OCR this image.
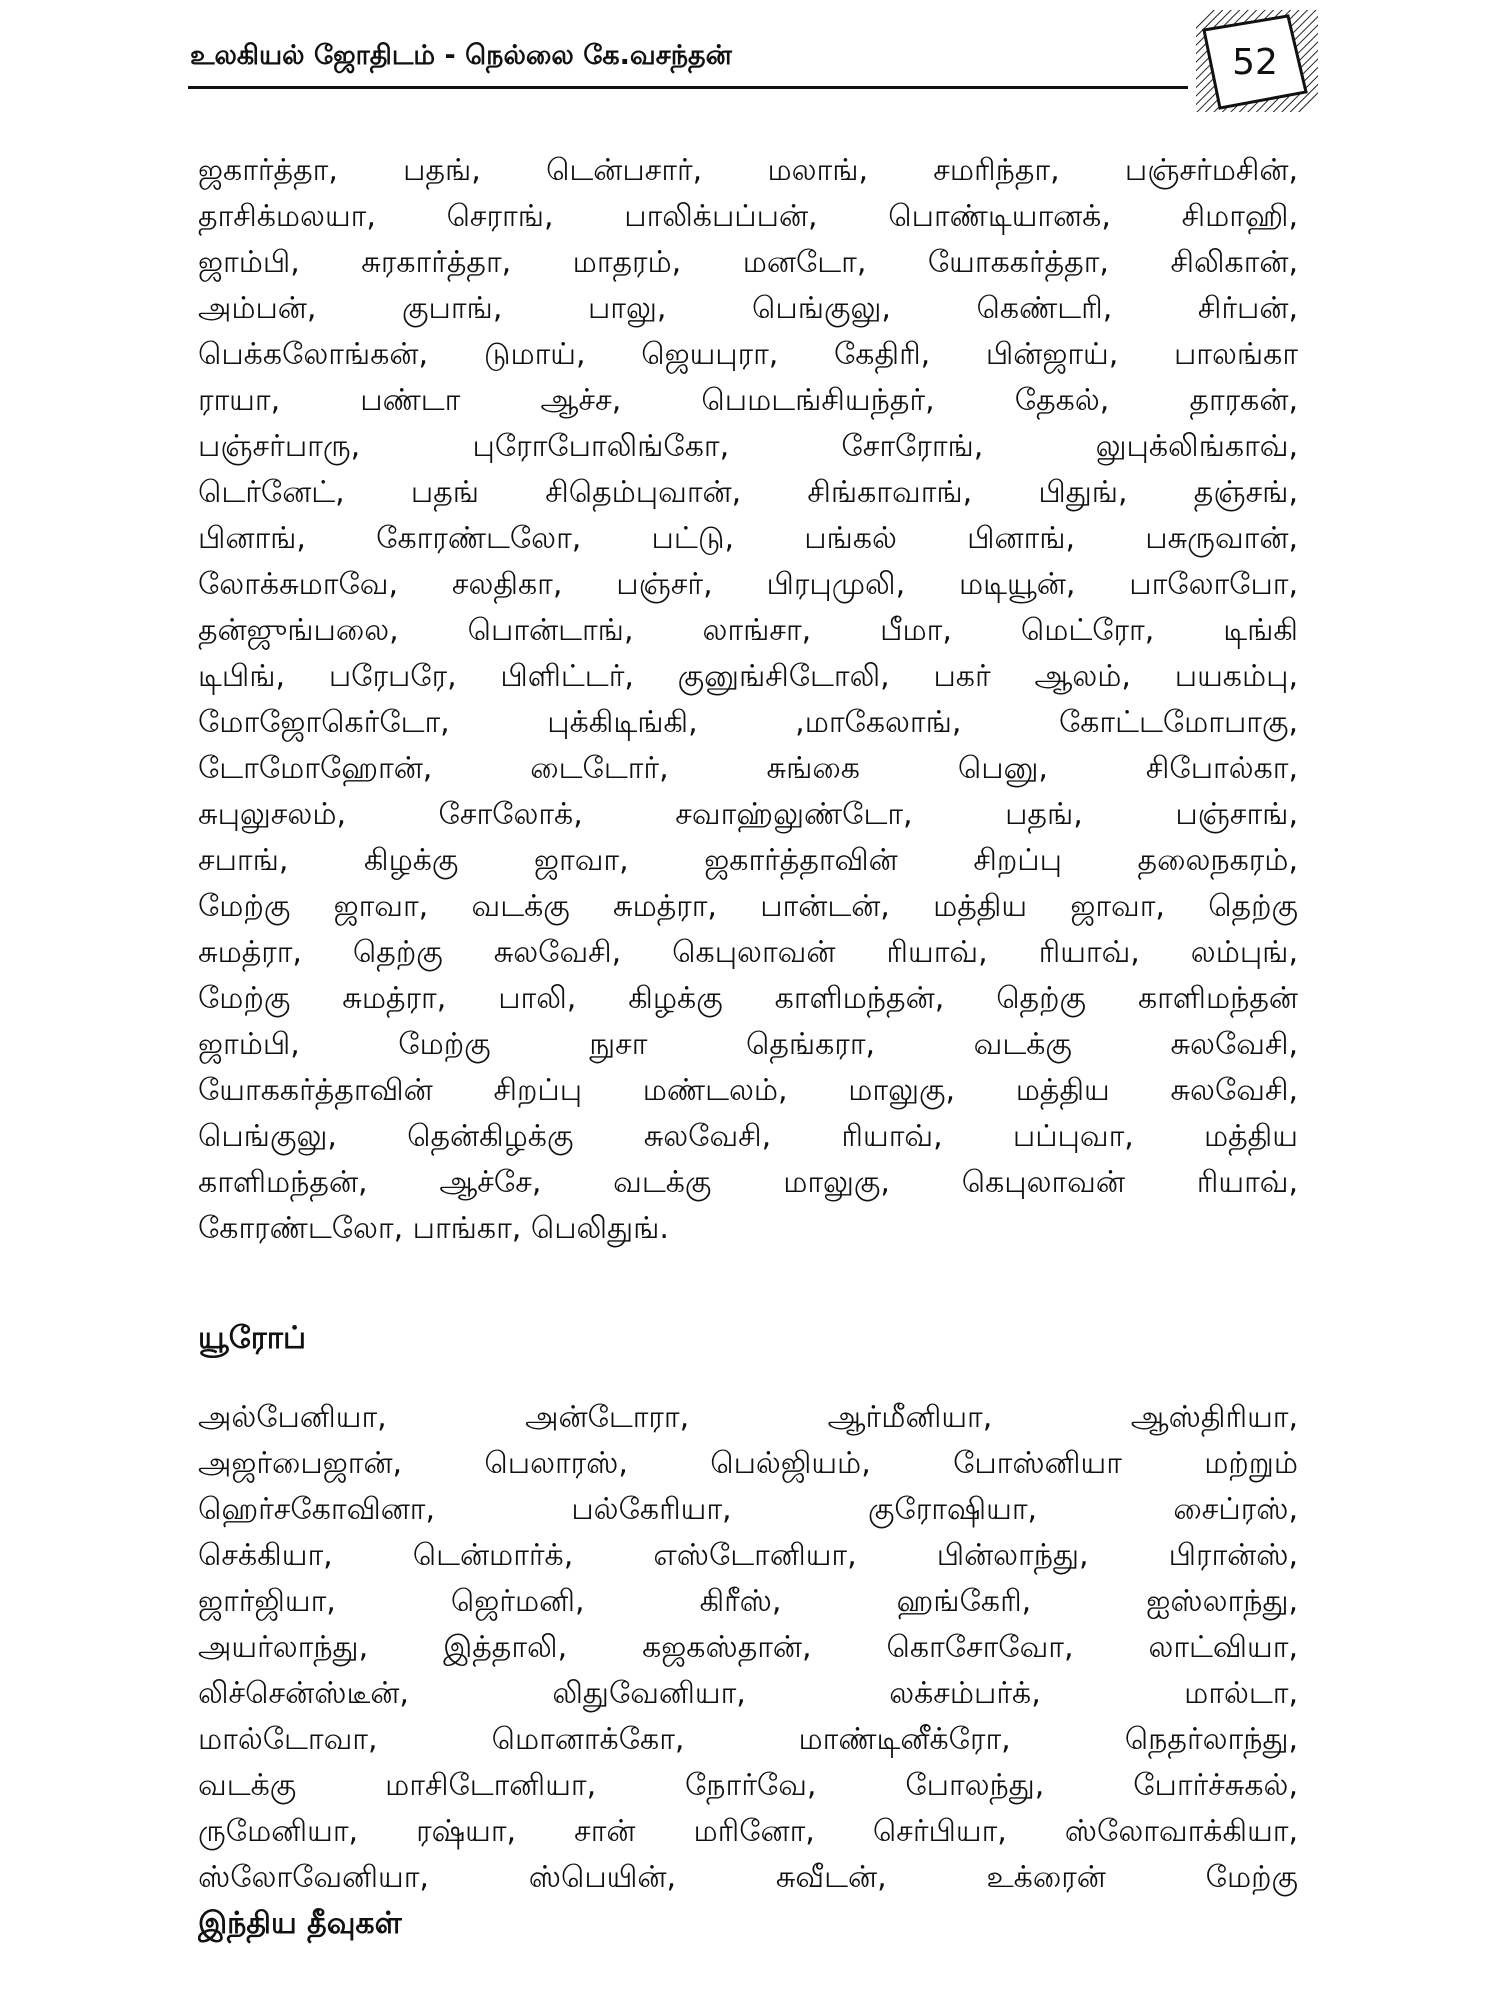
உலகியல் ஜோதிடம் - நெல்லை கே.வசந்தன்	52
ஜகார்த்தா, பதங், டென்பசார், மலாங், சமரிந்தா, பஞ்சர்மசின்,
தாசிக்மலயா, செராங், பாலிக்பப்பன், பொண்டியானக், சிமாஹி,
ஜாம்பி, சுரகார்த்தா, மாதரம், மனடோ, யோககர்த்தா, சிலிகான்,
அம்பன், குபாங், பாலு, பெங்குலு, கெண்டரி, சிர்பன்,
பெக்கலோங்கன், டுமாய், ஜெயபுரா, கேதிரி, பின்ஜாய், பாலங்கா
ராயா, பண்டா ஆச்ச, பெமடங்சியந்தர், தேகல், தாரகன்,
பஞ்சர்பாரு, புரோபோலிங்கோ, சோரோங், லுபுக்லிங்காவ்,
டெர்னேட், பதங் சிதெம்புவான், சிங்காவாங், பிதுங், தஞ்சங்,
பினாங், கோரண்டலோ, பட்டு, பங்கல் பினாங், பசுருவான்,
லோக்சுமாவே, சலதிகா, பஞ்சர், பிரபுமுலி, மடியூன், பாலோபோ,
தன்ஜுங்பலை, பொன்டாங், லாங்சா, பீமா, மெட்ரோ, டிங்கி
டிபிங், பரேபரே, பிளிட்டர், குனுங்சிடோலி, பகர் ஆலம், பயகம்பு,
மோஜோகெர்டோ, புக்கிடிங்கி, ,மாகேலாங், கோட்டமோபாகு,
டோமோஹோன், டைடோர், சுங்கை பெனு, சிபோல்கா,
சுபுலுசலம், சோலோக், சவாஹ்லுண்டோ, பதங், பஞ்சாங்,
சபாங், கிழக்கு ஜாவா, ஜகார்த்தாவின் சிறப்பு தலைநகரம்,
மேற்கு ஜாவா, வடக்கு சுமத்ரா, பான்டன், மத்திய ஜாவா, தெற்கு
சுமத்ரா, தெற்கு சுலவேசி, கெபுலாவன் ரியாவ், ரியாவ், லம்புங்,
மேற்கு சுமத்ரா, பாலி, கிழக்கு காளிமந்தன், தெற்கு காளிமந்தன்
ஜாம்பி, மேற்கு நுசா தெங்கரா, வடக்கு சுலவேசி,
யோககர்த்தாவின் சிறப்பு மண்டலம், மாலுகு, மத்திய சுலவேசி,
பெங்குலு, தென்கிழக்கு சுலவேசி, ரியாவ், பப்புவா, மத்திய
காளிமந்தன், ஆச்சே, வடக்கு மாலுகு, கெபுலாவன் ரியாவ்,
கோரண்டலோ, பாங்கா, பெலிதுங்.
யூரோப்
அல்பேனியா, அன்டோரா, ஆர்மீனியா, ஆஸ்திரியா,
அஜர்பைஜான், பெலாரஸ், பெல்ஜியம், போஸ்னியா மற்றும்
ஹெர்சகோவினா, பல்கேரியா, குரோஷியா, சைப்ரஸ்,
செக்கியா, டென்மார்க், எஸ்டோனியா, பின்லாந்து, பிரான்ஸ்,
ஜார்ஜியா, ஜெர்மனி, கிரீஸ், ஹங்கேரி, ஐஸ்லாந்து,
அயர்லாந்து, இத்தாலி, கஜகஸ்தான், கொசோவோ, லாட்வியா,
லிச்சென்ஸ்டீன், லிதுவேனியா, லக்சம்பர்க், மால்டா,
மால்டோவா, மொனாக்கோ, மாண்டினீக்ரோ, நெதர்லாந்து,
வடக்கு மாசிடோனியா, நோர்வே, போலந்து, போர்ச்சுகல்,
ருமேனியா, ரஷ்யா, சான் மரினோ, செர்பியா, ஸ்லோவாக்கியா,
ஸ்லோவேனியா, ஸ்பெயின், சுவீடன், உக்ரைன் மேற்கு
இந்திய தீவுகள்
